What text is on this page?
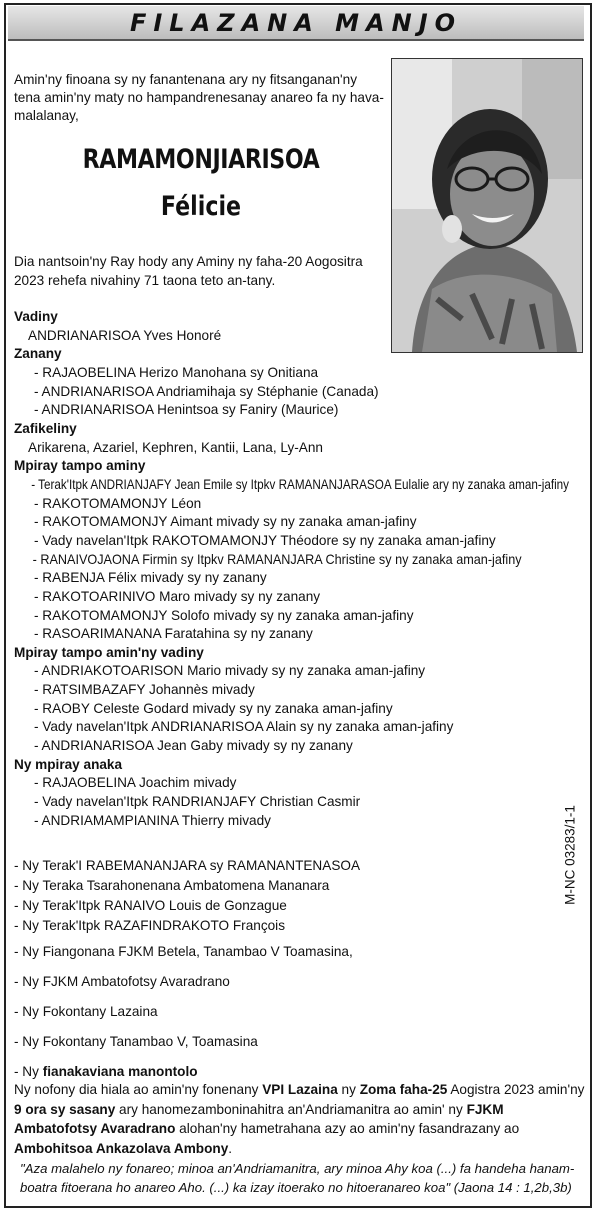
FILAZANA MANJO
Amin'ny finoana sy ny fanantenana ary ny fitsanganan'ny tena amin'ny maty no hampandrenesanay anareo fa ny hava-malalanay,
RAMAMONJIARISOA
Félicie
Dia nantsoin'ny Ray hody any Aminy ny faha-20 Aogositra 2023 rehefa nivahiny 71 taona teto an-tany.
Vadiny
ANDRIANARISOA Yves Honoré
Zanany
- RAJAOBELINA Herizo Manohana sy Onitiana
- ANDRIANARISOA Andriamihaja sy Stéphanie (Canada)
- ANDRIANARISOA Henintsoa sy Faniry (Maurice)
Zafikeliny
Arikarena, Azariel, Kephren, Kantii, Lana, Ly-Ann
Mpiray tampo aminy
- Terak'Itpk ANDRIANJAFY Jean Emile sy Itpkv RAMANANJARASOA Eulalie ary ny zanaka aman-jafiny
- RAKOTOMAMONJY Léon
- RAKOTOMAMONJY Aimant mivady sy ny zanaka aman-jafiny
- Vady navelan'Itpk RAKOTOMAMONJY Théodore sy ny zanaka aman-jafiny
- RANAIVOJAONA Firmin sy Itpkv RAMANANJARA Christine sy ny zanaka aman-jafiny
- RABENJA Félix mivady sy ny zanany
- RAKOTOARINIVO Maro mivady sy ny zanany
- RAKOTOMAMONJY Solofo mivady sy ny zanaka aman-jafiny
- RASOARIMANANA Faratahina sy ny zanany
Mpiray tampo amin'ny vadiny
- ANDRIAKOTOARISON Mario mivady sy ny zanaka aman-jafiny
- RATSIMBAZAFY Johannès mivady
- RAOBY Celeste Godard mivady sy ny zanaka aman-jafiny
- Vady navelan'Itpk ANDRIANARISOA Alain sy ny zanaka aman-jafiny
- ANDRIANARISOA Jean Gaby mivady sy ny zanany
Ny mpiray anaka
- RAJAOBELINA Joachim mivady
- Vady navelan'Itpk RANDRIANJAFY Christian Casmir
- ANDRIAMAMPIANINA Thierry mivady
- Ny Terak'I RABEMANANJARA sy RAMANANTENASOA
- Ny Teraka Tsarahonenana Ambatomena Mananara
- Ny Terak'Itpk RANAIVO Louis de Gonzague
- Ny Terak'Itpk RAZAFINDRAKOTO François
- Ny Fiangonana FJKM Betela, Tanambao V Toamasina,
- Ny FJKM Ambatofotsy Avaradrano
- Ny Fokontany Lazaina
- Ny Fokontany Tanambao V, Toamasina
- Ny fianakaviana manontolo
M-NC 03283/1-1
Ny nofony dia hiala ao amin'ny fonenany VPI Lazaina ny Zoma faha-25 Aogistra 2023 amin'ny 9 ora sy sasany ary hanomezamboninahitra an'Andriamanitra ao amin' ny FJKM Ambatofotsy Avaradrano alohan'ny hametrahana azy ao amin'ny fasandrazany ao Ambohitsoa Ankazolava Ambony.
"Aza malahelo ny fonareo; minoa an'Andriamanitra, ary minoa Ahy koa (...) fa handeha hanam-boatra fitoerana ho anareo Aho. (...) ka izay itoerako no hitoeranareo koa" (Jaona 14 : 1,2b,3b)
